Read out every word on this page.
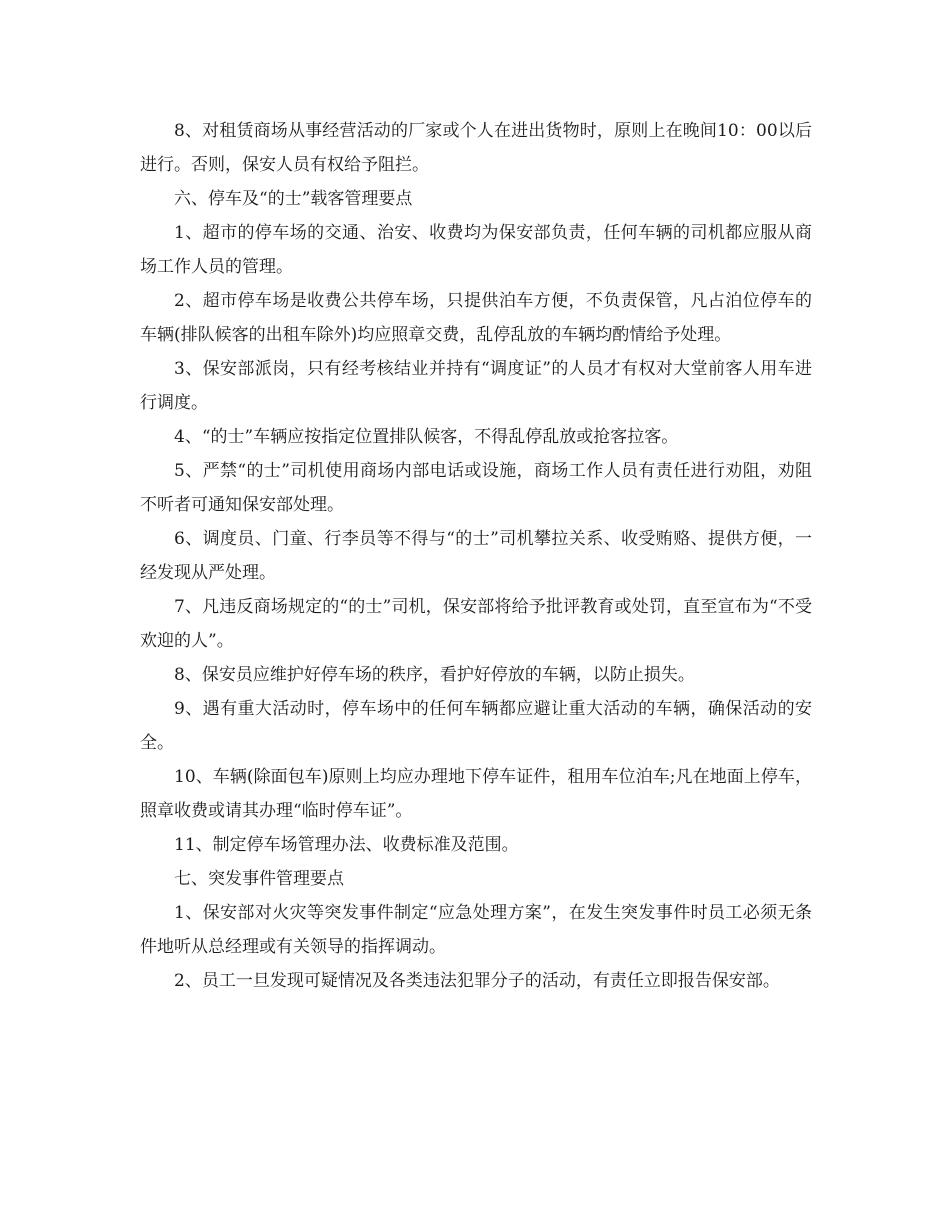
8、对租赁商场从事经营活动的厂家或个人在进出货物时，原则上在晚间10：00以后进行。否则，保安人员有权给予阻拦。

六、停车及“的士”载客管理要点

1、超市的停车场的交通、治安、收费均为保安部负责，任何车辆的司机都应服从商场工作人员的管理。

2、超市停车场是收费公共停车场，只提供泊车方便，不负责保管，凡占泊位停车的车辆(排队候客的出租车除外)均应照章交费，乱停乱放的车辆均酌情给予处理。

3、保安部派岗，只有经考核结业并持有“调度证”的人员才有权对大堂前客人用车进行调度。

4、“的士”车辆应按指定位置排队候客，不得乱停乱放或抢客拉客。

5、严禁“的士”司机使用商场内部电话或设施，商场工作人员有责任进行劝阻，劝阻不听者可通知保安部处理。

6、调度员、门童、行李员等不得与“的士”司机攀拉关系、收受贿赂、提供方便，一经发现从严处理。

7、凡违反商场规定的“的士”司机，保安部将给予批评教育或处罚，直至宣布为“不受欢迎的人”。

8、保安员应维护好停车场的秩序，看护好停放的车辆，以防止损失。

9、遇有重大活动时，停车场中的任何车辆都应避让重大活动的车辆，确保活动的安全。

10、车辆(除面包车)原则上均应办理地下停车证件，租用车位泊车;凡在地面上停车，照章收费或请其办理“临时停车证”。

11、制定停车场管理办法、收费标准及范围。

七、突发事件管理要点

1、保安部对火灾等突发事件制定“应急处理方案”，在发生突发事件时员工必须无条件地听从总经理或有关领导的指挥调动。

2、员工一旦发现可疑情况及各类违法犯罪分子的活动，有责任立即报告保安部。
